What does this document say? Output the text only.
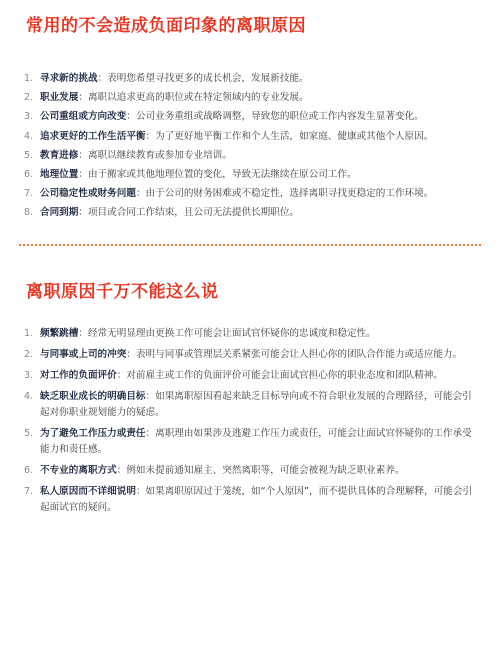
常用的不会造成负面印象的离职原因
1. 寻求新的挑战：表明您希望寻找更多的成长机会，发展新技能。
2. 职业发展：离职以追求更高的职位或在特定领域内的专业发展。
3. 公司重组或方向改变：公司业务重组或战略调整，导致您的职位或工作内容发生显著变化。
4. 追求更好的工作生活平衡：为了更好地平衡工作和个人生活，如家庭、健康或其他个人原因。
5. 教育进修：离职以继续教育或参加专业培训。
6. 地理位置：由于搬家或其他地理位置的变化，导致无法继续在原公司工作。
7. 公司稳定性或财务问题：由于公司的财务困难或不稳定性，选择离职寻找更稳定的工作环境。
8. 合同到期：项目或合同工作结束，且公司无法提供长期职位。
离职原因千万不能这么说
1. 频繁跳槽：经常无明显理由更换工作可能会让面试官怀疑你的忠诚度和稳定性。
2. 与同事或上司的冲突：表明与同事或管理层关系紧张可能会让人担心你的团队合作能力或适应能力。
3. 对工作的负面评价：对前雇主或工作的负面评价可能会让面试官担心你的职业态度和团队精神。
4. 缺乏职业成长的明确目标：如果离职原因看起来缺乏目标导向或不符合职业发展的合理路径，可能会引起对你职业规划能力的疑虑。
5. 为了避免工作压力或责任：离职理由如果涉及逃避工作压力或责任，可能会让面试官怀疑你的工作承受能力和责任感。
6. 不专业的离职方式：例如未提前通知雇主、突然离职等，可能会被视为缺乏职业素养。
7. 私人原因而不详细说明：如果离职原因过于笼统，如“个人原因”，而不提供具体的合理解释，可能会引起面试官的疑问。
